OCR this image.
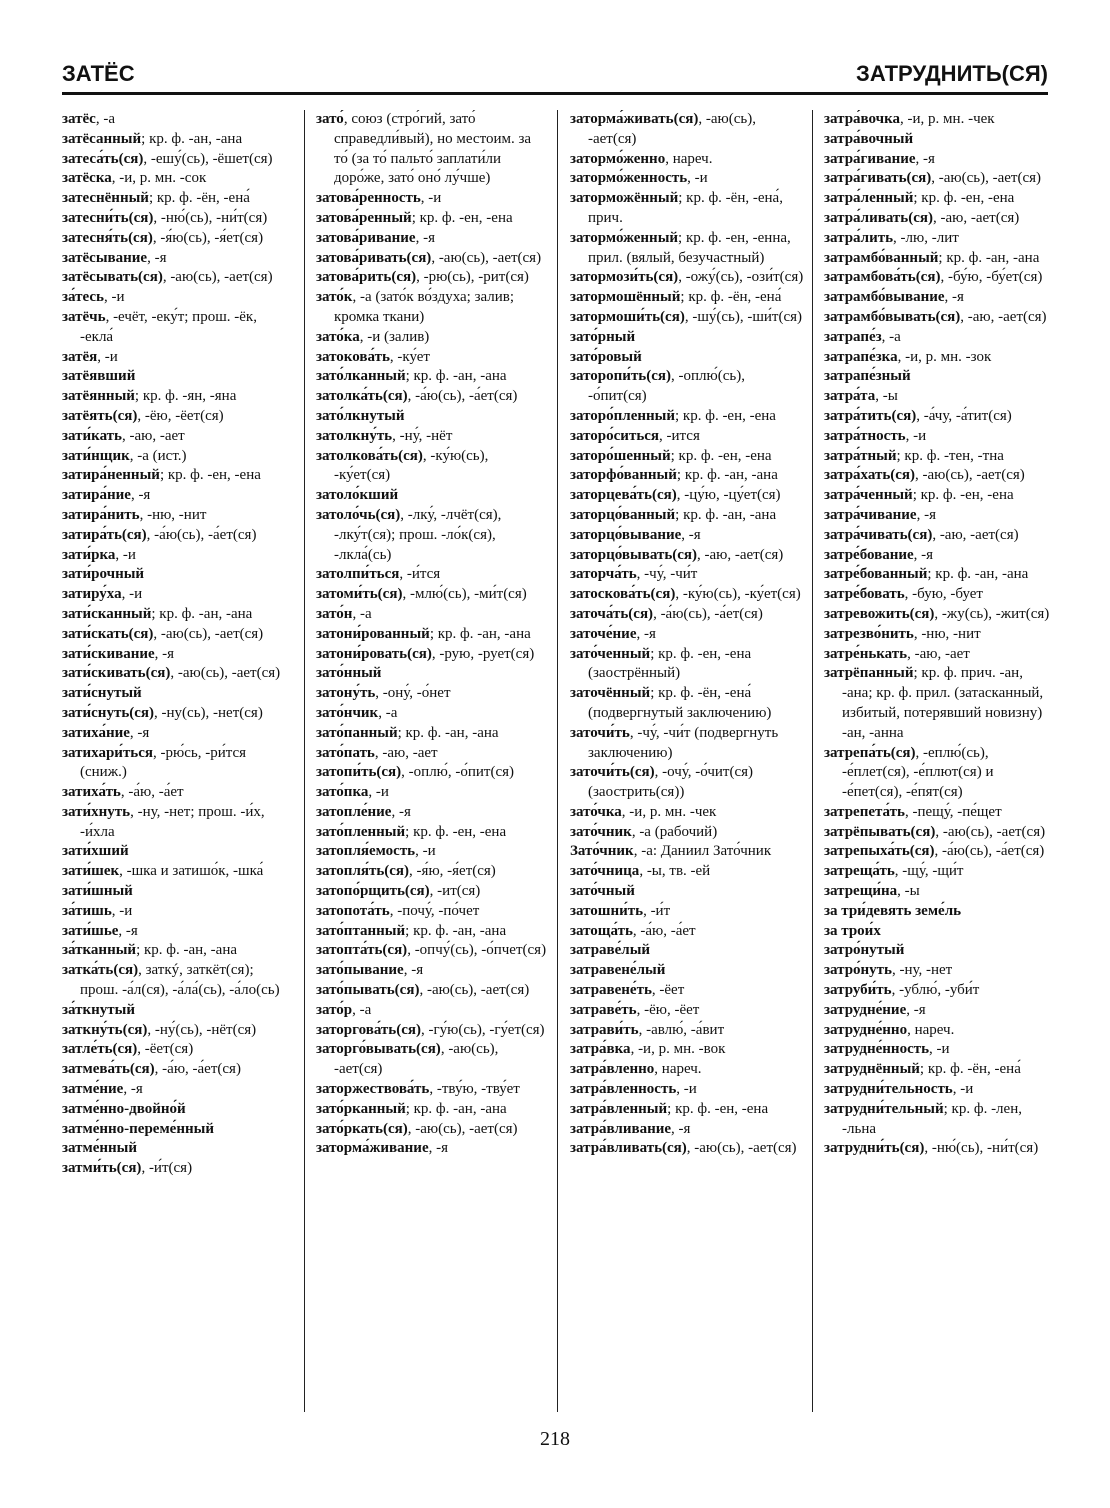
ЗАТЁС	ЗАТРУДНИТЬ(СЯ)

затёс, -а

затёсанный; кр. ф. -ан, -ана

затеса́ть(ся), -ешу́(сь), -ёшет(ся)

затёска, -и, р. мн. -сок

затеснённый; кр. ф. -ён, -ена́

затесни́ть(ся), -ню́(сь), -ни́т(ся)

затесня́ть(ся), -я́ю(сь), -я́ет(ся)

затёсывание, -я

затёсывать(ся), -аю(сь), -ает(ся)

за́тесь, -и

затёчь, -ечёт, -еку́т; прош. -ёк, -екла́

затёя, -и

затёявший

затёянный; кр. ф. -ян, -яна

затёять(ся), -ёю, -ёет(ся)

зати́кать, -аю, -ает

зати́нщик, -а (ист.)

затира́ненный; кр. ф. -ен, -ена

затира́ние, -я

затира́нить, -ню, -нит

затира́ть(ся), -а́ю(сь), -а́ет(ся)

зати́рка, -и

зати́рочный

затиру́ха, -и

зати́сканный; кр. ф. -ан, -ана

зати́скать(ся), -аю(сь), -ает(ся)

зати́скивание, -я

зати́скивать(ся), -аю(сь), -ает(ся)

зати́снутый

зати́снуть(ся), -ну(сь), -нет(ся)

затиха́ние, -я

затихари́ться, -рю́сь, -ри́тся (сниж.)

затиха́ть, -а́ю, -а́ет

зати́хнуть, -ну, -нет; прош. -и́х, -и́хла

зати́хший

зати́шек, -шка и затишо́к, -шка́

зати́шный

за́тишь, -и

зати́шье, -я

за́тканный; кр. ф. -ан, -ана

затка́ть(ся), заткý, заткёт(ся); прош. -а́л(ся), -а́ла́(сь), -а́ло(сь)

за́ткнутый

заткну́ть(ся), -ну́(сь), -нёт(ся)

затле́ть(ся), -ёет(ся)

затмева́ть(ся), -а́ю, -а́ет(ся)

затме́ние, -я

затме́нно-двойно́й

затме́нно-переме́нный

затме́нный

затми́ть(ся), -и́т(ся)

зато́, союз (стро́гий, зато́ справедли́вый), но местоим. за то́ (за то́ пальто́ заплати́ли доро́же, зато́ оно́ лу́чше)

затова́ренность, -и

затова́ренный; кр. ф. -ен, -ена

затова́ривание, -я

затова́ривать(ся), -аю(сь), -ает(ся)

затова́рить(ся), -рю(сь), -рит(ся)

зато́к, -а (зато́к во́здуха; залив; кромка ткани)

зато́ка, -и (залив)

затокова́ть, -ку́ет

зато́лканный; кр. ф. -ан, -ана

затолка́ть(ся), -а́ю(сь), -а́ет(ся)

зато́лкнутый

затолкну́ть, -ну́, -нёт

затолкова́ть(ся), -ку́ю(сь), -ку́ет(ся)

затоло́кший

затоло́чь(ся), -лку́, -лчёт(ся), -лку́т(ся); прош. -ло́к(ся), -лкла́(сь)

затолпи́ться, -и́тся

затоми́ть(ся), -млю́(сь), -ми́т(ся)

зато́н, -а

затони́рованный; кр. ф. -ан, -ана

затони́ровать(ся), -рую, -рует(ся)

зато́нный

затону́ть, -ону́, -о́нет

зато́нчик, -а

зато́панный; кр. ф. -ан, -ана

зато́пать, -аю, -ает

затопи́ть(ся), -оплю́, -о́пит(ся)

зато́пка, -и

затопле́ние, -я

зато́пленный; кр. ф. -ен, -ена

затопля́емость, -и

затопля́ть(ся), -я́ю, -я́ет(ся)

затопо́рщить(ся), -ит(ся)

затопота́ть, -почу́, -по́чет

зато́птанный; кр. ф. -ан, -ана

затопта́ть(ся), -опчу́(сь), -о́пчет(ся)

зато́пывание, -я

зато́пывать(ся), -аю(сь), -ает(ся)

зато́р, -а

заторгова́ть(ся), -гу́ю(сь), -гу́ет(ся)

заторго́вывать(ся), -аю(сь), -ает(ся)

заторжествова́ть, -тву́ю, -тву́ет

зато́рканный; кр. ф. -ан, -ана

зато́ркать(ся), -аю(сь), -ает(ся)

заторма́живание, -я

заторма́живать(ся), -аю(сь), -ает(ся)

затормо́женно, нареч.

затормо́женность, -и

заторможённый; кр. ф. -ён, -ена́, прич.

затормо́женный; кр. ф. -ен, -енна, прил. (вялый, безучастный)

затормози́ть(ся), -ожу́(сь), -ози́т(ся)

затормошённый; кр. ф. -ён, -ена́

затормоши́ть(ся), -шу́(сь), -ши́т(ся)

зато́рный

зато́ровый

заторопи́ть(ся), -оплю́(сь), -о́пит(ся)

заторо́пленный; кр. ф. -ен, -ена

заторо́ситься, -ится

заторо́шенный; кр. ф. -ен, -ена

заторфо́ванный; кр. ф. -ан, -ана

заторцева́ть(ся), -цу́ю, -цу́ет(ся)

заторцо́ванный; кр. ф. -ан, -ана

заторцо́вывание, -я

заторцо́вывать(ся), -аю, -ает(ся)

заторча́ть, -чу́, -чи́т

затоскова́ть(ся), -ку́ю(сь), -ку́ет(ся)

заточа́ть(ся), -а́ю(сь), -а́ет(ся)

заточе́ние, -я

зато́ченный; кр. ф. -ен, -ена (заострённый)

заточённый; кр. ф. -ён, -ена́ (подвергнутый заключению)

заточи́ть, -чу́, -чи́т (подвергнуть заключению)

заточи́ть(ся), -очу́, -о́чит(ся) (заострить(ся))

зато́чка, -и, р. мн. -чек

зато́чник, -а (рабочий)

Зато́чник, -а: Даниил Зато́чник

зато́чница, -ы, тв. -ей

зато́чный

затошни́ть, -и́т

затоща́ть, -а́ю, -а́ет

затраве́лый

затравене́лый

затравене́ть, -ёет

затраве́ть, -ёю, -ёет

затрави́ть, -авлю́, -а́вит

затра́вка, -и, р. мн. -вок

затра́вленно, нареч.

затра́вленность, -и

затра́вленный; кр. ф. -ен, -ена

затра́вливание, -я

затра́вливать(ся), -аю(сь), -ает(ся)

затра́вочка, -и, р. мн. -чек

затра́вочный

затра́гивание, -я

затра́гивать(ся), -аю(сь), -ает(ся)

затра́ленный; кр. ф. -ен, -ена

затра́ливать(ся), -аю, -ает(ся)

затра́лить, -лю, -лит

затрамбо́ванный; кр. ф. -ан, -ана

затрамбова́ть(ся), -бу́ю, -бу́ет(ся)

затрамбо́вывание, -я

затрамбо́вывать(ся), -аю, -ает(ся)

затрапе́з, -а

затрапе́зка, -и, р. мн. -зок

затрапе́зный

затра́та, -ы

затра́тить(ся), -а́чу, -а́тит(ся)

затра́тность, -и

затра́тный; кр. ф. -тен, -тна

затра́хать(ся), -аю(сь), -ает(ся)

затра́ченный; кр. ф. -ен, -ена

затра́чивание, -я

затра́чивать(ся), -аю, -ает(ся)

затре́бование, -я

затре́бованный; кр. ф. -ан, -ана

затре́бовать, -бую, -бует

затревожить(ся), -жу(сь), -жит(ся)

затрезво́нить, -ню, -нит

затре́нькать, -аю, -ает

затрёпанный; кр. ф. прич. -ан, -ана; кр. ф. прил. (затасканный, избитый, потерявший новизну) -ан, -анна

затрепа́ть(ся), -еплю́(сь), -е́плет(ся), -е́плют(ся) и -е́пет(ся), -е́пят(ся)

затрепета́ть, -пещу́, -пе́щет

затрёпывать(ся), -аю(сь), -ает(ся)

затрепыха́ть(ся), -а́ю(сь), -а́ет(ся)

затреща́ть, -щу́, -щи́т

затрещи́на, -ы

за три́девять земе́ль

за трои́х

затро́нутый

затро́нуть, -ну, -нет

затруби́ть, -ублю́, -уби́т

затрудне́ние, -я

затрудне́нно, нареч.

затрудне́нность, -и

затруднённый; кр. ф. -ён, -ена́

затрудни́тельность, -и

затрудни́тельный; кр. ф. -лен, -льна

затрудни́ть(ся), -ню́(сь), -ни́т(ся)

218
